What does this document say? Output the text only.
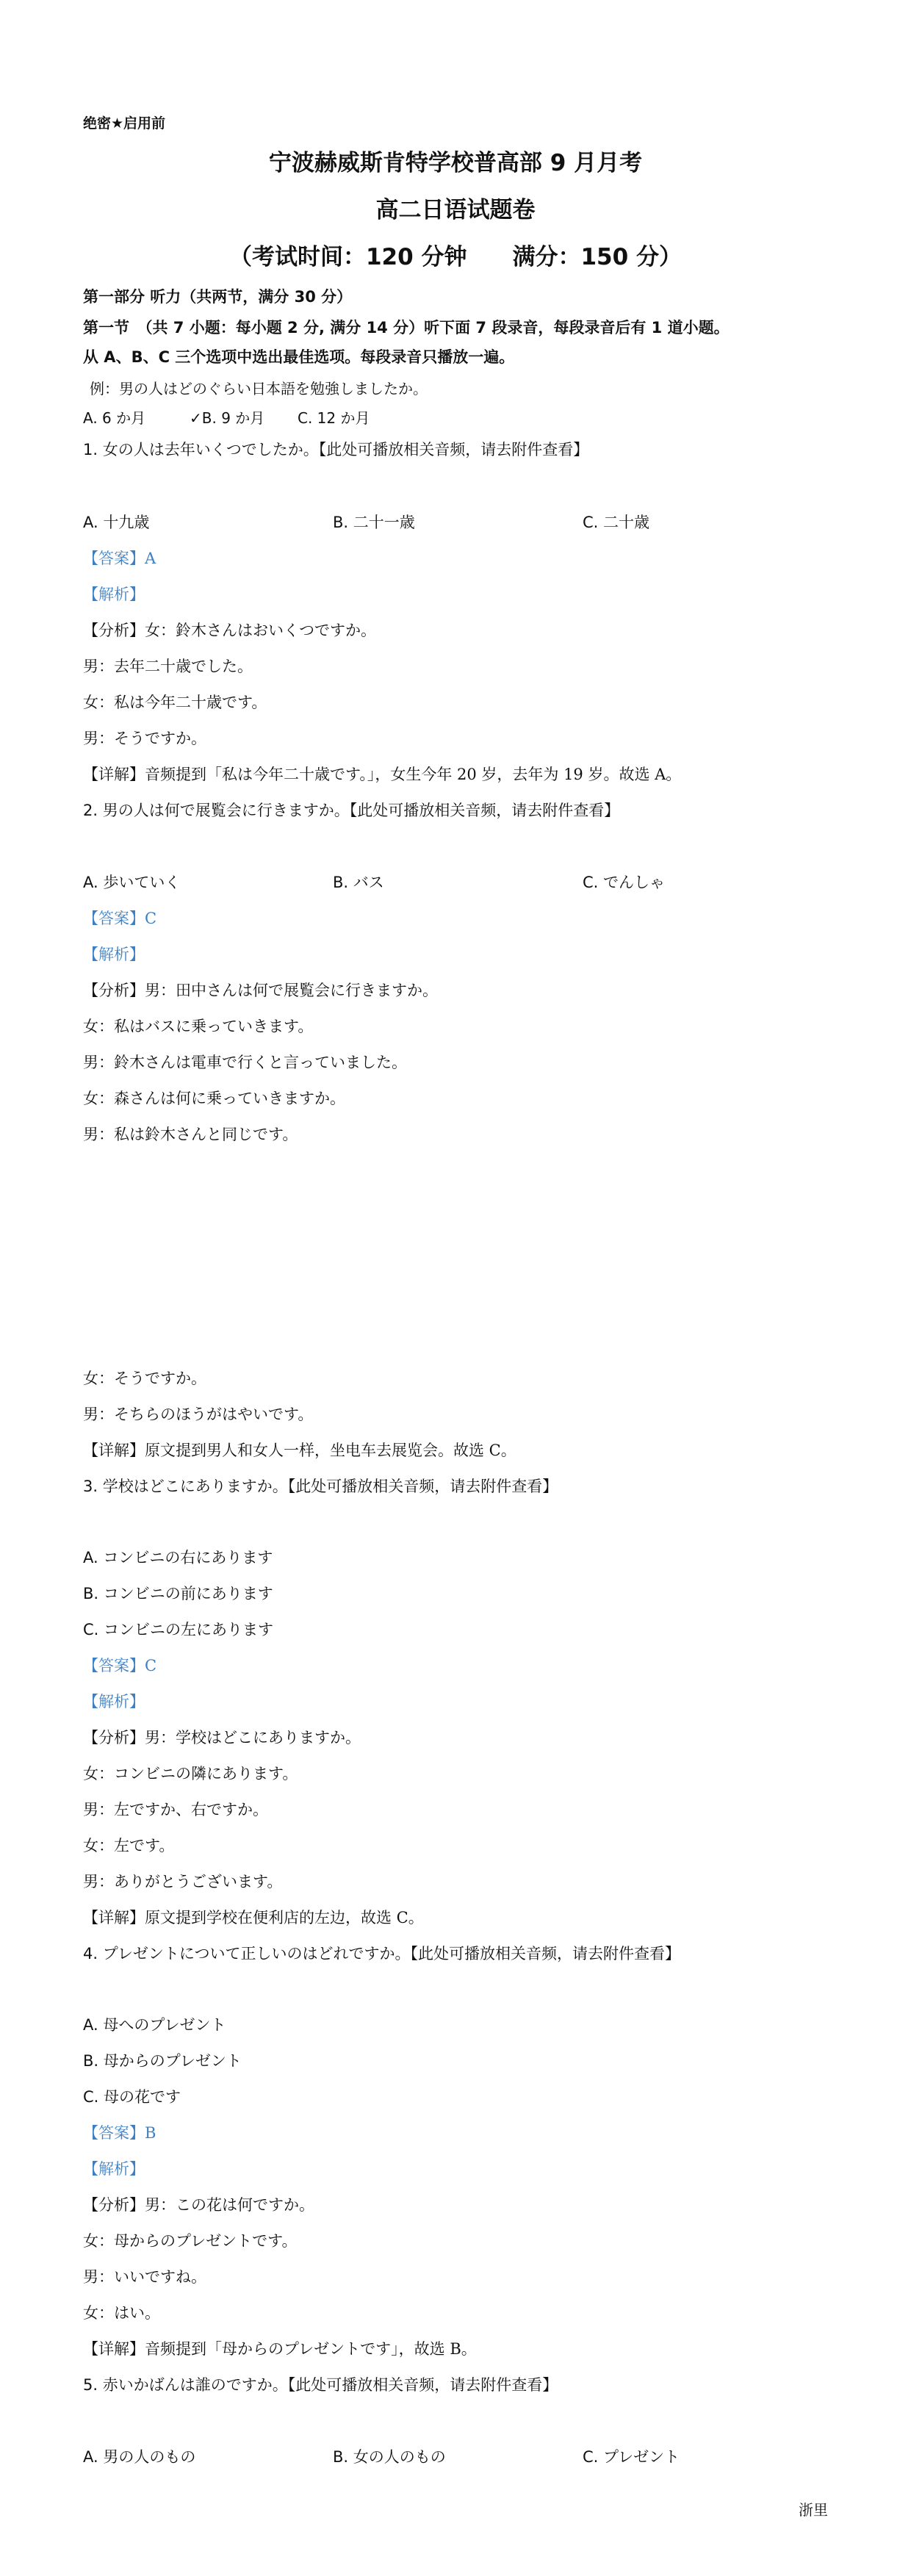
绝密★启用前
宁波赫威斯肯特学校普高部 9 月月考
高二日语试题卷
（考试时间：120 分钟　　满分：150 分）
第一部分 听力（共两节，满分 30 分）
第一节　（共 7 小题：每小题 2 分, 满分 14 分）听下面 7 段录音，每段录音后有 1 道小题。
从 A、B、C 三个选项中选出最佳选项。每段录音只播放一遍。
例：男の人はどのぐらい日本語を勉強しましたか。
A. 6 か月	✓B. 9 か月 C. 12 か月
1. 女の人は去年いくつでしたか。【此处可播放相关音频，请去附件查看】
A. 十九歳	B. 二十一歳	C. 二十歳
【答案】A
【解析】
【分析】女：鈴木さんはおいくつですか。
男：去年二十歳でした。
女：私は今年二十歳です。
男：そうですか。
【详解】音频提到「私は今年二十歳です。」，女生今年 20 岁，去年为 19 岁。故选 A。
2. 男の人は何で展覧会に行きますか。【此处可播放相关音频，请去附件查看】
A. 歩いていく	B. バス	C. でんしゃ
【答案】C
【解析】
【分析】男：田中さんは何で展覧会に行きますか。
女：私はバスに乗っていきます。
男：鈴木さんは電車で行くと言っていました。
女：森さんは何に乗っていきますか。
男：私は鈴木さんと同じです。
女：そうですか。
男：そちらのほうがはやいです。
【详解】原文提到男人和女人一样，坐电车去展览会。故选 C。
3. 学校はどこにありますか。【此处可播放相关音频，请去附件查看】
A. コンビニの右にあります
B. コンビニの前にあります
C. コンビニの左にあります
【答案】C
【解析】
【分析】男：学校はどこにありますか。
女：コンビニの隣にあります。
男：左ですか、右ですか。
女：左です。
男：ありがとうございます。
【详解】原文提到学校在便利店的左边，故选 C。
4. プレゼントについて正しいのはどれですか。【此处可播放相关音频，请去附件查看】
A. 母へのプレゼント
B. 母からのプレゼント
C. 母の花です
【答案】B
【解析】
【分析】男：この花は何ですか。
女：母からのプレゼントです。
男：いいですね。
女：はい。
【详解】音频提到「母からのプレゼントです」，故选 B。
5. 赤いかばんは誰のですか。【此处可播放相关音频，请去附件查看】
A. 男の人のもの	B. 女の人のもの	C. プレゼント
浙里
